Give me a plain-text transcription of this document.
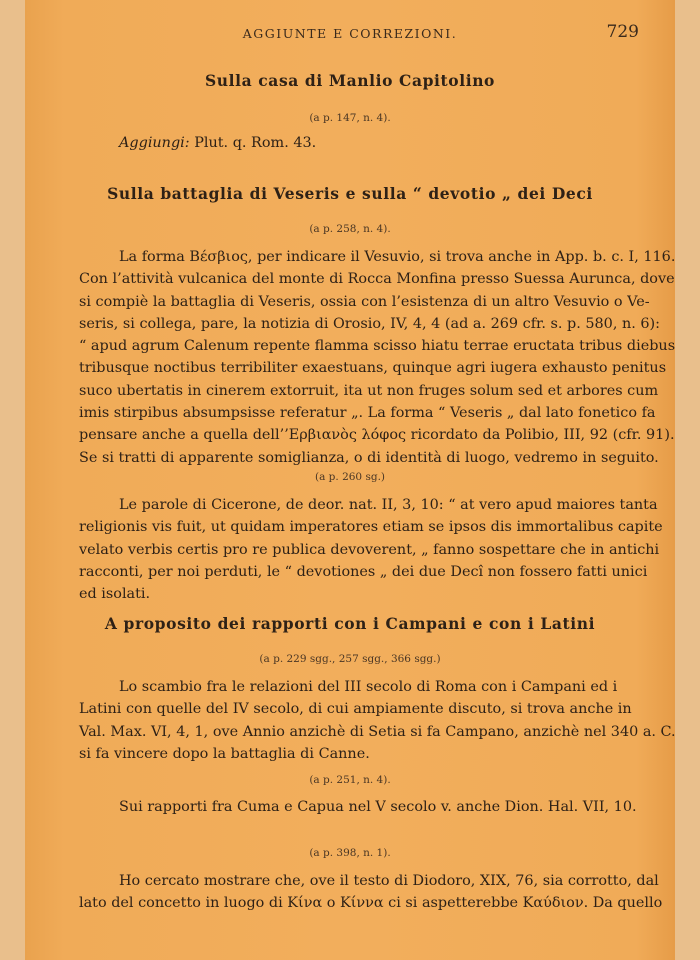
AGGIUNTE E CORREZIONI.	729
Sulla casa di Manlio Capitolino
(a p. 147, n. 4).
Aggiungi: Plut. q. Rom. 43.
Sulla battaglia di Veseris e sulla “ devotio „ dei Deci
(a p. 258, n. 4).
La forma Βέσβιος, per indicare il Vesuvio, si trova anche in App. b. c. I, 116.
Con l’attività vulcanica del monte di Rocca Monfina presso Suessa Aurunca, dove
si compiè la battaglia di Veseris, ossia con l’esistenza di un altro Vesuvio o Ve-
seris, si collega, pare, la notizia di Orosio, IV, 4, 4 (ad a. 269 cfr. s. p. 580, n. 6):
“ apud agrum Calenum repente flamma scisso hiatu terrae eructata tribus diebus
tribusque noctibus terribiliter exaestuans, quinque agri iugera exhausto penitus
suco ubertatis in cinerem extorruit, ita ut non fruges solum sed et arbores cum
imis stirpibus absumpsisse referatur „. La forma “ Veseris „ dal lato fonetico fa
pensare anche a quella dell’’Ερβιανὸς λόφος ricordato da Polibio, III, 92 (cfr. 91).
Se si tratti di apparente somiglianza, o di identità di luogo, vedremo in seguito.
(a p. 260 sg.)
Le parole di Cicerone, de deor. nat. II, 3, 10: “ at vero apud maiores tanta
religionis vis fuit, ut quidam imperatores etiam se ipsos dis immortalibus capite
velato verbis certis pro re publica devoverent, „ fanno sospettare che in antichi
racconti, per noi perduti, le “ devotiones „ dei due Decî non fossero fatti unici
ed isolati.
A proposito dei rapporti con i Campani e con i Latini
(a p. 229 sgg., 257 sgg., 366 sgg.)
Lo scambio fra le relazioni del III secolo di Roma con i Campani ed i
Latini con quelle del IV secolo, di cui ampiamente discuto, si trova anche in
Val. Max. VI, 4, 1, ove Annio anzichè di Setia si fa Campano, anzichè nel 340 a. C.
si fa vincere dopo la battaglia di Canne.
(a p. 251, n. 4).
Sui rapporti fra Cuma e Capua nel V secolo v. anche Dion. Hal. VII, 10.
(a p. 398, n. 1).
Ho cercato mostrare che, ove il testo di Diodoro, XIX, 76, sia corrotto, dal
lato del concetto in luogo di Κίνα o Κίννα ci si aspetterebbe Καύδιον. Da quello
